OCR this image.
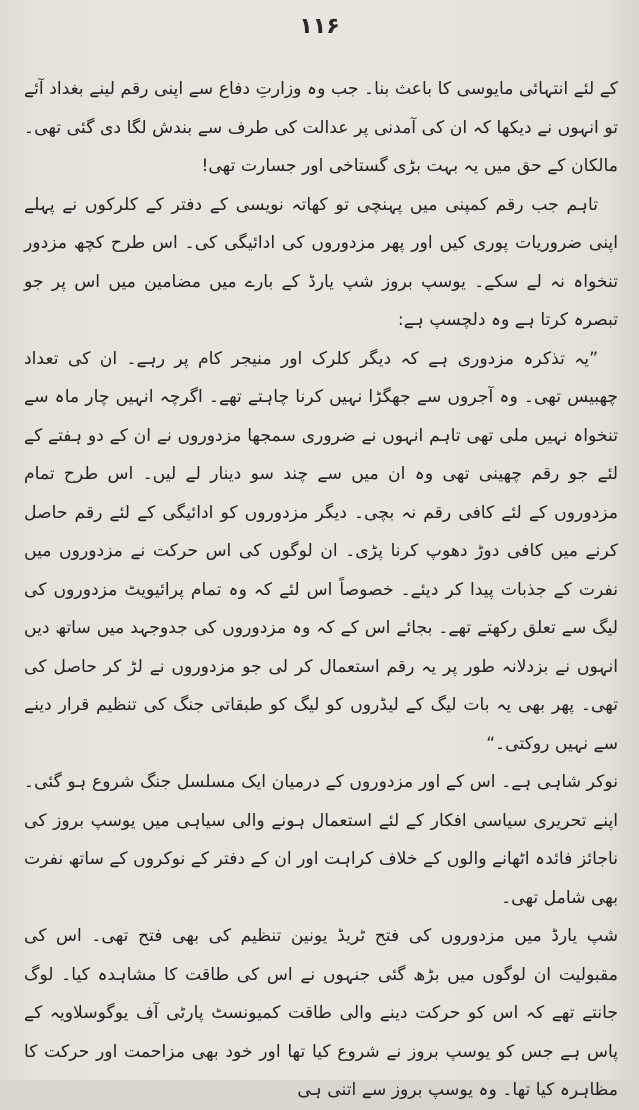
۱۱۶

کے لئے انتہائی مایوسی کا باعث بنا۔ جب وہ وزارتِ دفاع سے اپنی رقم لینے بغداد آئے تو انہوں نے دیکھا کہ ان کی آمدنی پر عدالت کی طرف سے بندش لگا دی گئی تھی۔ مالکان کے حق میں یہ بہت بڑی گستاخی اور جسارت تھی!

تاہم جب رقم کمپنی میں پہنچی تو کھاتہ نویسی کے دفتر کے کلرکوں نے پہلے اپنی ضروریات پوری کیں اور پھر مزدوروں کی ادائیگی کی۔ اس طرح کچھ مزدور تنخواہ نہ لے سکے۔ یوسپ بروز شپ یارڈ کے بارے میں مضامین میں اس پر جو تبصرہ کرتا ہے وہ دلچسپ ہے:

”یہ تذکرہ مزدوری ہے کہ دیگر کلرک اور منیجر کام پر رہے۔ ان کی تعداد چھبیس تھی۔ وہ آجروں سے جھگڑا نہیں کرنا چاہتے تھے۔ اگرچہ انہیں چار ماہ سے تنخواہ نہیں ملی تھی تاہم انہوں نے ضروری سمجھا مزدوروں نے ان کے دو ہفتے کے لئے جو رقم چھینی تھی وہ ان میں سے چند سو دینار لے لیں۔ اس طرح تمام مزدوروں کے لئے کافی رقم نہ بچی۔ دیگر مزدوروں کو ادائیگی کے لئے رقم حاصل کرنے میں کافی دوڑ دھوپ کرنا پڑی۔ ان لوگوں کی اس حرکت نے مزدوروں میں نفرت کے جذبات پیدا کر دیئے۔ خصوصاً اس لئے کہ وہ تمام پرائیویٹ مزدوروں کی لیگ سے تعلق رکھتے تھے۔ بجائے اس کے کہ وہ مزدوروں کی جدوجہد میں ساتھ دیں انہوں نے بزدلانہ طور پر یہ رقم استعمال کر لی جو مزدوروں نے لڑ کر حاصل کی تھی۔ پھر بھی یہ بات لیگ کے لیڈروں کو لیگ کو طبقاتی جنگ کی تنظیم قرار دینے سے نہیں روکتی۔“

نوکر شاہی ہے۔ اس کے اور مزدوروں کے درمیان ایک مسلسل جنگ شروع ہو گئی۔ اپنے تحریری سیاسی افکار کے لئے استعمال ہونے والی سیاہی میں یوسپ بروز کی ناجائز فائدہ اٹھانے والوں کے خلاف کراہت اور ان کے دفتر کے نوکروں کے ساتھ نفرت بھی شامل تھی۔

شپ یارڈ میں مزدوروں کی فتح ٹریڈ یونین تنظیم کی بھی فتح تھی۔ اس کی مقبولیت ان لوگوں میں بڑھ گئی جنہوں نے اس کی طاقت کا مشاہدہ کیا۔ لوگ جانتے تھے کہ اس کو حرکت دینے والی طاقت کمیونسٹ پارٹی آف یوگوسلاویہ کے پاس ہے جس کو یوسپ بروز نے شروع کیا تھا اور خود بھی مزاحمت اور حرکت کا مظاہرہ کیا تھا۔ وہ یوسپ بروز سے اتنی ہی
